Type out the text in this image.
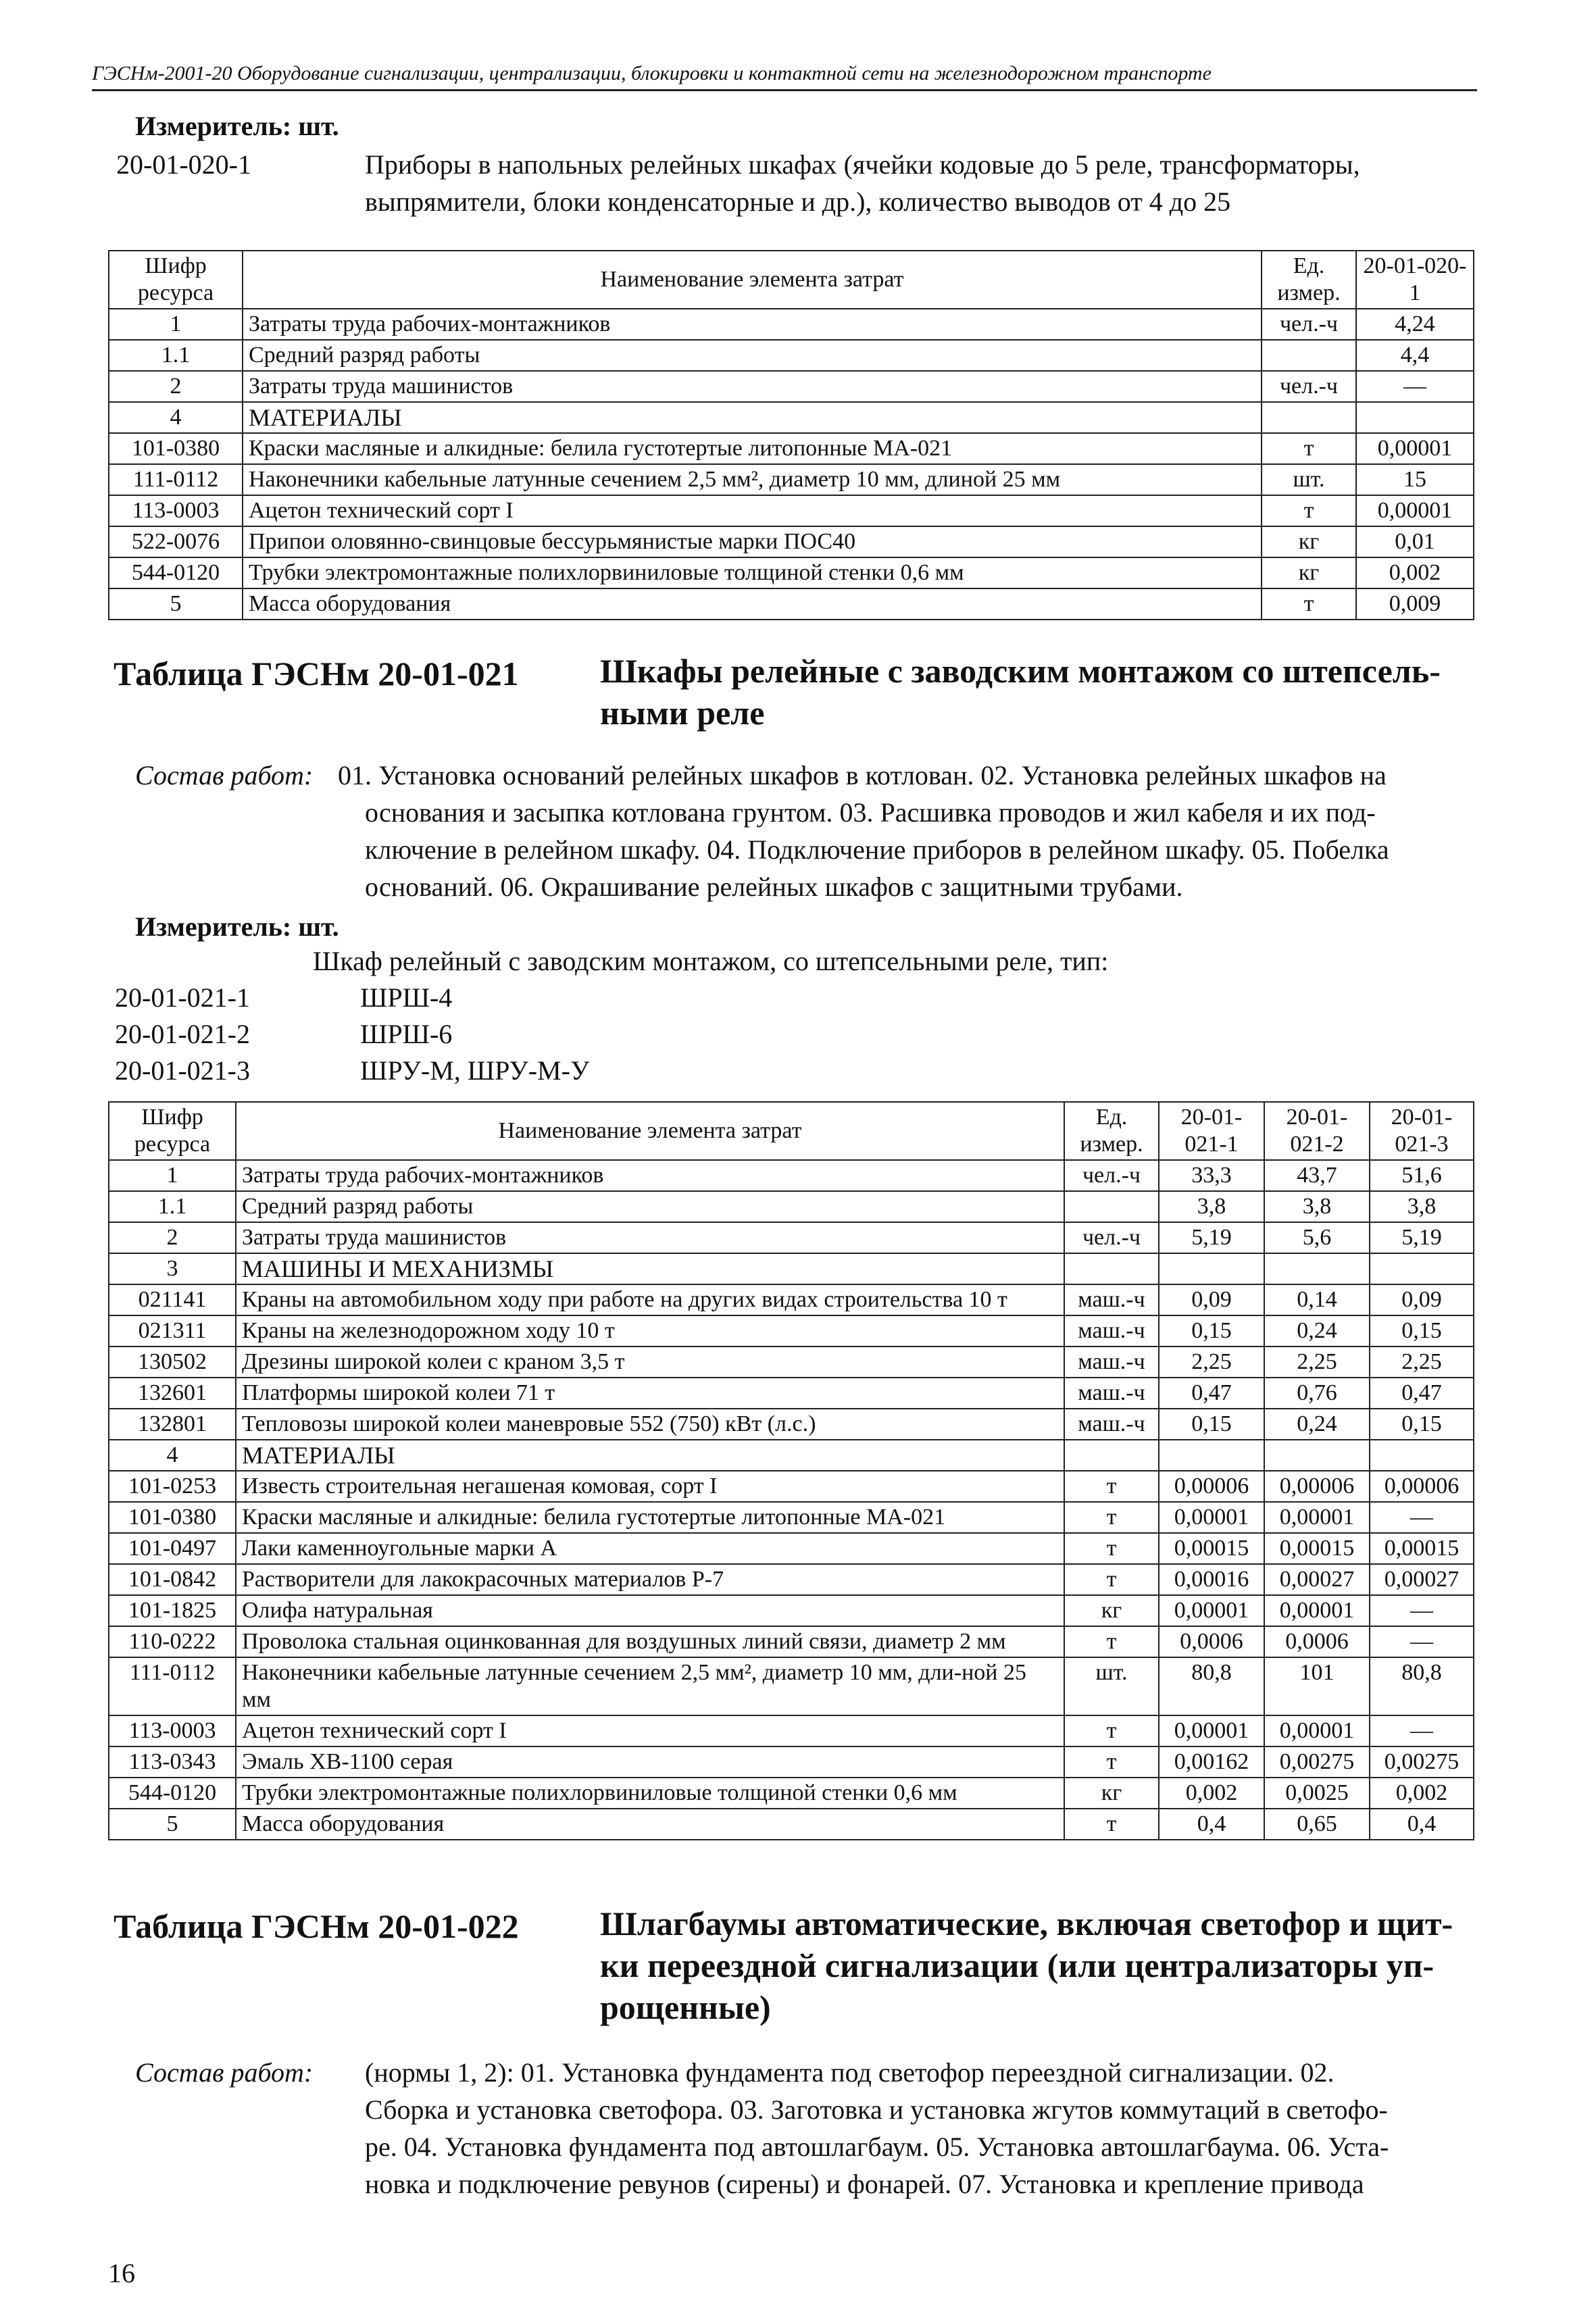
ГЭСНм-2001-20 Оборудование сигнализации, централизации, блокировки и контактной сети на железнодорожном транспорте
Измеритель: шт.
20-01-020-1	Приборы в напольных релейных шкафах (ячейки кодовые до 5 реле, трансформаторы,
выпрямители, блоки конденсаторные и др.), количество выводов от 4 до 25
Шифр ресурса	Наименование элемента затрат	Ед. измер.	20-01-020-1
1	Затраты труда рабочих-монтажников	чел.-ч	4,24
1.1	Средний разряд работы		4,4
2	Затраты труда машинистов	чел.-ч	—
4	МАТЕРИАЛЫ		
101-0380	Краски масляные и алкидные: белила густотертые литопонные МА-021	т	0,00001
111-0112	Наконечники кабельные латунные сечением 2,5 мм², диаметр 10 мм, длиной 25 мм	шт.	15
113-0003	Ацетон технический сорт I	т	0,00001
522-0076	Припои оловянно-свинцовые бессурьмянистые марки ПОС40	кг	0,01
544-0120	Трубки электромонтажные полихлорвиниловые толщиной стенки 0,6 мм	кг	0,002
5	Масса оборудования	т	0,009
Таблица ГЭСНм 20-01-021 Шкафы релейные с заводским монтажом со штепсель-
ными реле
Состав работ: 01. Установка оснований релейных шкафов в котлован. 02. Установка релейных шкафов на
основания и засыпка котлована грунтом. 03. Расшивка проводов и жил кабеля и их под-
ключение в релейном шкафу. 04. Подключение приборов в релейном шкафу. 05. Побелка
оснований. 06. Окрашивание релейных шкафов с защитными трубами.
Измеритель: шт.
Шкаф релейный с заводским монтажом, со штепсельными реле, тип:
20-01-021-1	ШРШ-4
20-01-021-2	ШРШ-6
20-01-021-3	ШРУ-М, ШРУ-М-У
Шифр ресурса	Наименование элемента затрат	Ед. измер.	20-01-021-1	20-01-021-2	20-01-021-3
1	Затраты труда рабочих-монтажников	чел.-ч	33,3	43,7	51,6
1.1	Средний разряд работы		3,8	3,8	3,8
2	Затраты труда машинистов	чел.-ч	5,19	5,6	5,19
3	МАШИНЫ И МЕХАНИЗМЫ				
021141	Краны на автомобильном ходу при работе на других видах строительства 10 т	маш.-ч	0,09	0,14	0,09
021311	Краны на железнодорожном ходу 10 т	маш.-ч	0,15	0,24	0,15
130502	Дрезины широкой колеи с краном 3,5 т	маш.-ч	2,25	2,25	2,25
132601	Платформы широкой колеи 71 т	маш.-ч	0,47	0,76	0,47
132801	Тепловозы широкой колеи маневровые 552 (750) кВт (л.с.)	маш.-ч	0,15	0,24	0,15
4	МАТЕРИАЛЫ				
101-0253	Известь строительная негашеная комовая, сорт I	т	0,00006	0,00006	0,00006
101-0380	Краски масляные и алкидные: белила густотертые литопонные МА-021	т	0,00001	0,00001	—
101-0497	Лаки каменноугольные марки А	т	0,00015	0,00015	0,00015
101-0842	Растворители для лакокрасочных материалов Р-7	т	0,00016	0,00027	0,00027
101-1825	Олифа натуральная	кг	0,00001	0,00001	—
110-0222	Проволока стальная оцинкованная для воздушных линий связи, диаметр 2 мм	т	0,0006	0,0006	—
111-0112	Наконечники кабельные латунные сечением 2,5 мм², диаметр 10 мм, дли-ной 25 мм	шт.	80,8	101	80,8
113-0003	Ацетон технический сорт I	т	0,00001	0,00001	—
113-0343	Эмаль ХВ-1100 серая	т	0,00162	0,00275	0,00275
544-0120	Трубки электромонтажные полихлорвиниловые толщиной стенки 0,6 мм	кг	0,002	0,0025	0,002
5	Масса оборудования	т	0,4	0,65	0,4
Таблица ГЭСНм 20-01-022 Шлагбаумы автоматические, включая светофор и щит-
ки переездной сигнализации (или централизаторы уп-
рощенные)
Состав работ: (нормы 1, 2): 01. Установка фундамента под светофор переездной сигнализации. 02.
Сборка и установка светофора. 03. Заготовка и установка жгутов коммутаций в светофо-
ре. 04. Установка фундамента под автошлагбаум. 05. Установка автошлагбаума. 06. Уста-
новка и подключение ревунов (сирены) и фонарей. 07. Установка и крепление привода
16
